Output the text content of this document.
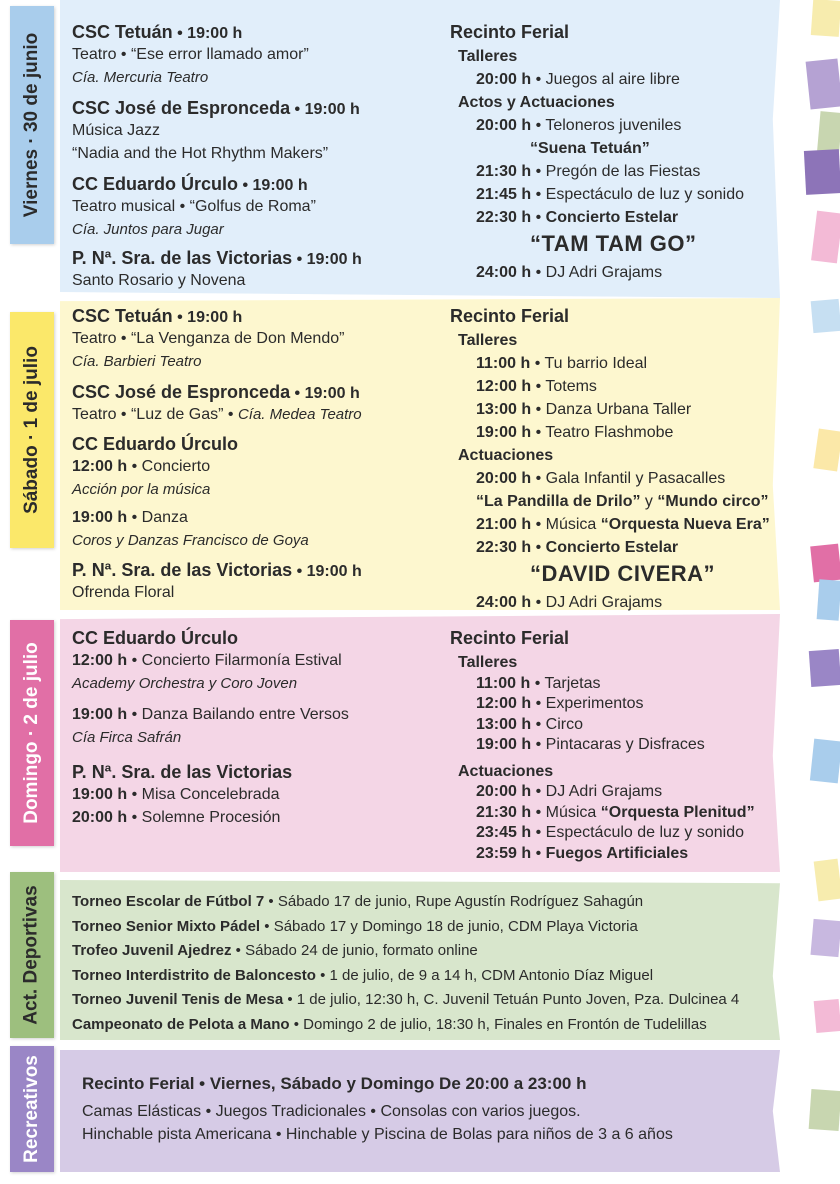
Viernes · 30 de junio
CSC Tetuán • 19:00 h
Teatro • “Ese error llamado amor”
Cía. Mercuria Teatro
CSC José de Espronceda • 19:00 h
Música Jazz
“Nadia and the Hot Rhythm Makers”
CC Eduardo Úrculo • 19:00 h
Teatro musical • “Golfus de Roma”
Cía. Juntos para Jugar
P. Nª. Sra. de las Victorias • 19:00 h
Santo Rosario y Novena
Recinto Ferial
Talleres
20:00 h • Juegos al aire libre
Actos y Actuaciones
20:00 h • Teloneros juveniles
“Suena Tetuán”
21:30 h • Pregón de las Fiestas
21:45 h • Espectáculo de luz y sonido
22:30 h • Concierto Estelar
“TAM TAM GO”
24:00 h • DJ Adri Grajams
Sábado · 1 de julio
CSC Tetuán • 19:00 h
Teatro • “La Venganza de Don Mendo”
Cía. Barbieri Teatro
CSC José de Espronceda • 19:00 h
Teatro • “Luz de Gas” • Cía. Medea Teatro
CC Eduardo Úrculo
12:00 h • Concierto
Acción por la música
19:00 h • Danza
Coros y Danzas Francisco de Goya
P. Nª. Sra. de las Victorias • 19:00 h
Ofrenda Floral
Recinto Ferial
Talleres
11:00 h • Tu barrio Ideal
12:00 h • Totems
13:00 h • Danza Urbana Taller
19:00 h • Teatro Flashmobe
Actuaciones
20:00 h • Gala Infantil y Pasacalles
“La Pandilla de Drilo” y “Mundo circo”
21:00 h • Música “Orquesta Nueva Era”
22:30 h • Concierto Estelar
“DAVID CIVERA”
24:00 h • DJ Adri Grajams
Domingo · 2 de julio
CC Eduardo Úrculo
12:00 h • Concierto Filarmonía Estival
Academy Orchestra y Coro Joven
19:00 h • Danza Bailando entre Versos
Cía Firca Safrán
P. Nª. Sra. de las Victorias
19:00 h • Misa Concelebrada
20:00 h • Solemne Procesión
Recinto Ferial
Talleres
11:00 h • Tarjetas
12:00 h • Experimentos
13:00 h • Circo
19:00 h • Pintacaras y Disfraces
Actuaciones
20:00 h • DJ Adri Grajams
21:30 h • Música “Orquesta Plenitud”
23:45 h • Espectáculo de luz y sonido
23:59 h • Fuegos Artificiales
Act. Deportivas Torneo Escolar de Fútbol 7 • Sábado 17 de junio, Rupe Agustín Rodríguez Sahagún
Torneo Senior Mixto Pádel • Sábado 17 y Domingo 18 de junio, CDM Playa Victoria
Trofeo Juvenil Ajedrez • Sábado 24 de junio, formato online
Torneo Interdistrito de Baloncesto • 1 de julio, de 9 a 14 h, CDM Antonio Díaz Miguel
Torneo Juvenil Tenis de Mesa • 1 de julio, 12:30 h, C. Juvenil Tetuán Punto Joven, Pza. Dulcinea 4
Campeonato de Pelota a Mano • Domingo 2 de julio, 18:30 h, Finales en Frontón de Tudelillas
Recreativos Recinto Ferial • Viernes, Sábado y Domingo De 20:00 a 23:00 h
Camas Elásticas • Juegos Tradicionales • Consolas con varios juegos.
Hinchable pista Americana • Hinchable y Piscina de Bolas para niños de 3 a 6 años
